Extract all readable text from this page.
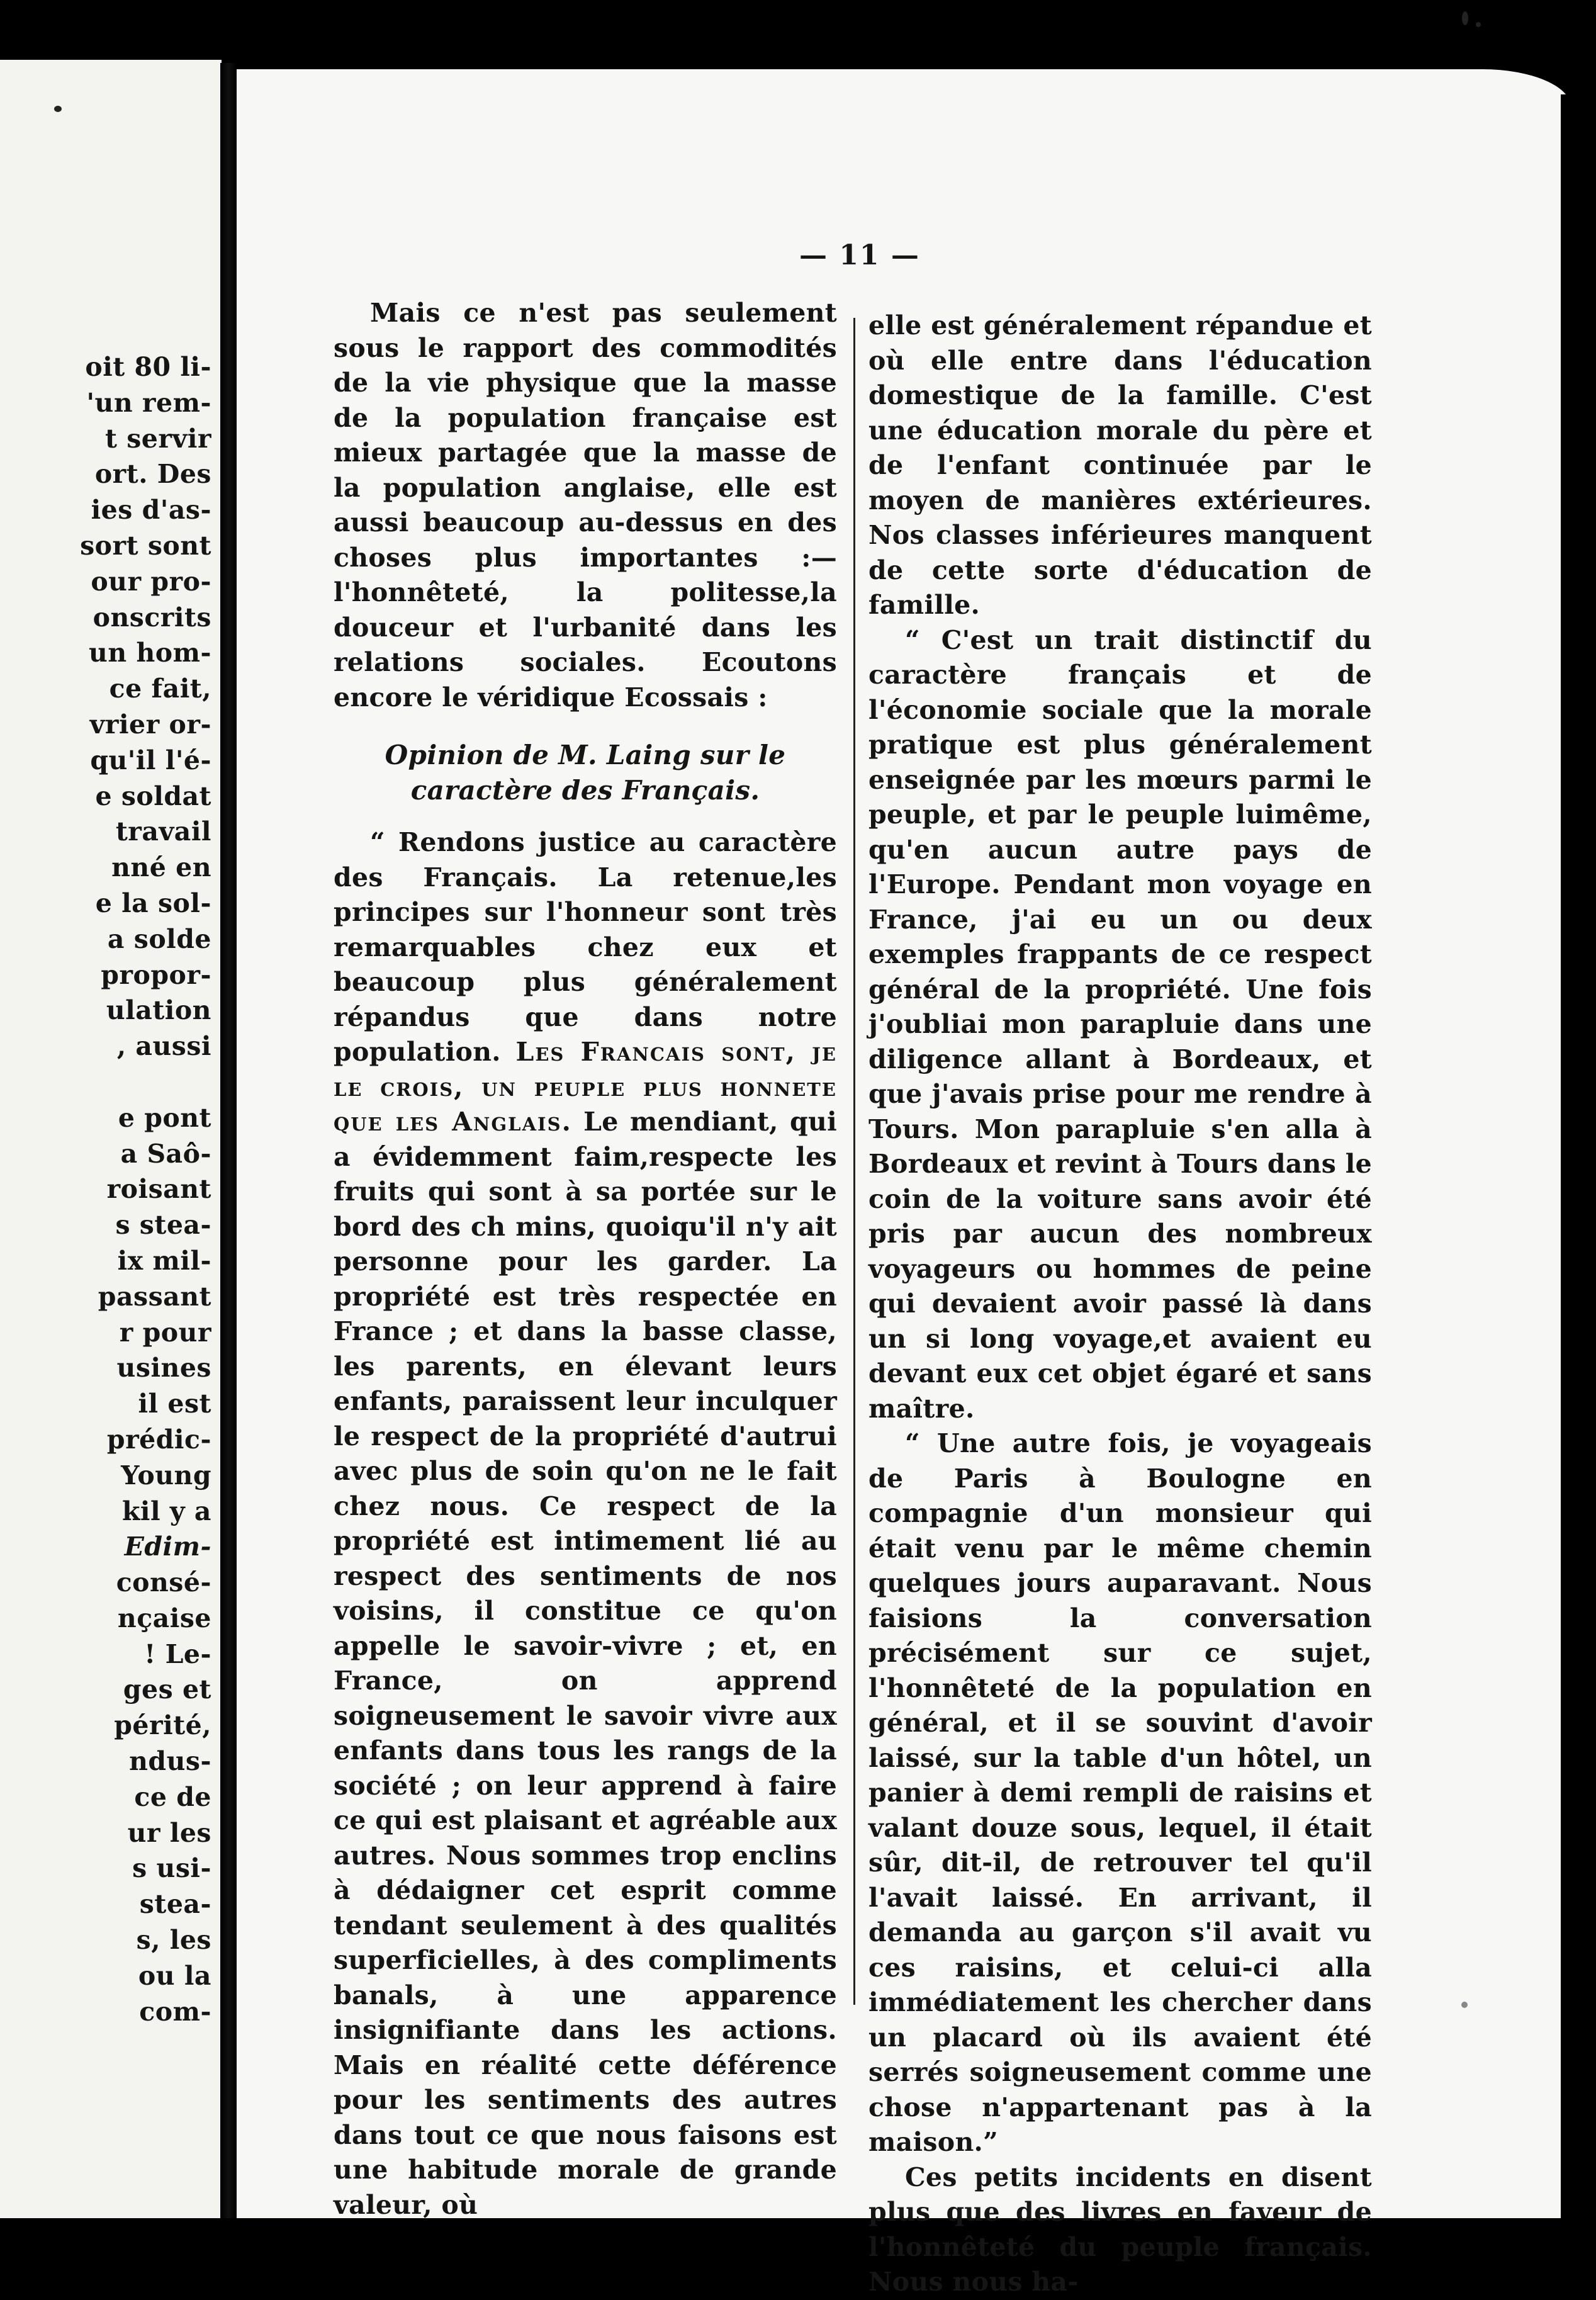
oit 80 li-
'un rem-
t servir
ort. Des
ies d'as-
sort sont
our pro-
onscrits
un hom-
ce fait,
vrier or-
qu'il l'é-
e soldat
travail
nné en
e la sol-
a solde
propor-
ulation
, aussi
e pont
a Saô-
roisant
s stea-
ix mil-
passant
r pour
usines
il est
prédic-
Young
kil y a
Edim-
consé-
nçaise
! Le-
ges et
périté,
ndus-
ce de
ur les
s usi-
stea-
s, les
ou la
com-
— 11 —

Mais ce n'est pas seulement sous le rapport des commodités de la vie physique que la masse de la population française est mieux partagée que la masse de la population anglaise, elle est aussi beaucoup au-dessus en des choses plus importantes :—l'honnêteté, la politesse,la douceur et l'urbanité dans les relations sociales. Ecoutons encore le véridique Ecossais :

Opinion de M. Laing sur le caractère des Français.

“ Rendons justice au caractère des Français. La retenue,les principes sur l'honneur sont très remarquables chez eux et beaucoup plus généralement répandus que dans notre population. Les Francais sont, je le crois, un peuple plus honnete que les Anglais. Le mendiant, qui a évidemment faim,respecte les fruits qui sont à sa portée sur le bord des ch mins, quoiqu'il n'y ait personne pour les garder. La propriété est très respectée en France ; et dans la basse classe, les parents, en élevant leurs enfants, paraissent leur inculquer le respect de la propriété d'autrui avec plus de soin qu'on ne le fait chez nous. Ce respect de la propriété est intimement lié au respect des sentiments de nos voisins, il constitue ce qu'on appelle le savoir-vivre ; et, en France, on apprend soigneusement le savoir vivre aux enfants dans tous les rangs de la société ; on leur apprend à faire ce qui est plaisant et agréable aux autres. Nous sommes trop enclins à dédaigner cet esprit comme tendant seulement à des qualités superficielles, à des compliments banals, à une apparence insignifiante dans les actions. Mais en réalité cette déférence pour les sentiments des autres dans tout ce que nous faisons est une habitude morale de grande valeur, où

elle est généralement répandue et où elle entre dans l'éducation domestique de la famille. C'est une éducation morale du père et de l'enfant continuée par le moyen de manières extérieures. Nos classes inférieures manquent de cette sorte d'éducation de famille.

“ C'est un trait distinctif du caractère français et de l'économie sociale que la morale pratique est plus généralement enseignée par les mœurs parmi le peuple, et par le peuple luimême, qu'en aucun autre pays de l'Europe. Pendant mon voyage en France, j'ai eu un ou deux exemples frappants de ce respect général de la propriété. Une fois j'oubliai mon parapluie dans une diligence allant à Bordeaux, et que j'avais prise pour me rendre à Tours. Mon parapluie s'en alla à Bordeaux et revint à Tours dans le coin de la voiture sans avoir été pris par aucun des nombreux voyageurs ou hommes de peine qui devaient avoir passé là dans un si long voyage,et avaient eu devant eux cet objet égaré et sans maître.

“ Une autre fois, je voyageais de Paris à Boulogne en compagnie d'un monsieur qui était venu par le même chemin quelques jours auparavant. Nous faisions la conversation précisément sur ce sujet, l'honnêteté de la population en général, et il se souvint d'avoir laissé, sur la table d'un hôtel, un panier à demi rempli de raisins et valant douze sous, lequel, il était sûr, dit-il, de retrouver tel qu'il l'avait laissé. En arrivant, il demanda au garçon s'il avait vu ces raisins, et celui-ci alla immédiatement les chercher dans un placard où ils avaient été serrés soigneusement comme une chose n'appartenant pas à la maison.”

Ces petits incidents en disent plus que des livres en faveur de l'honnêteté du peuple français. Nous nous ha-
